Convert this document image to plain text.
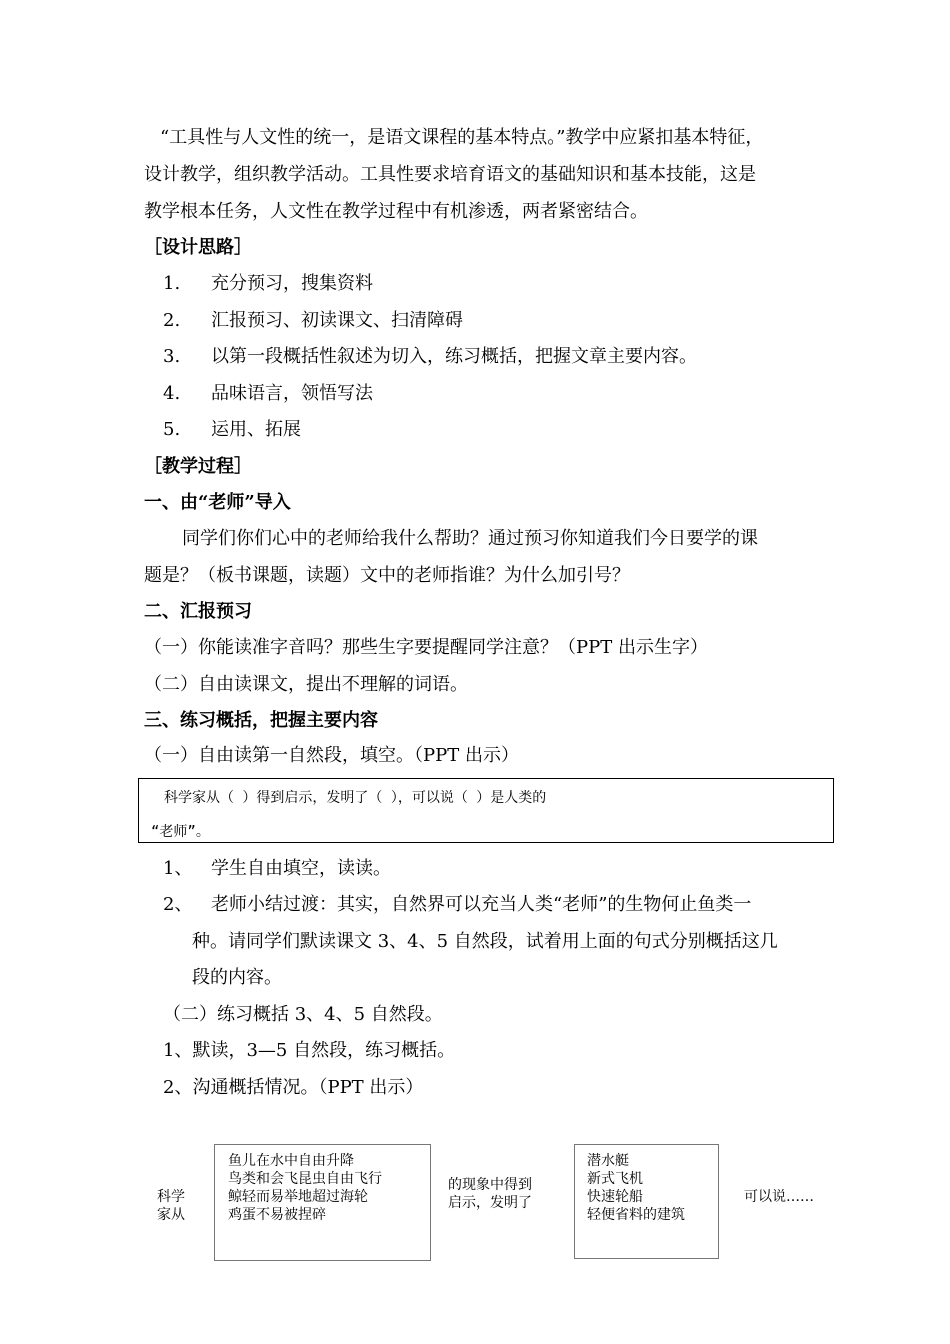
“工具性与人文性的统一，是语文课程的基本特点。”教学中应紧扣基本特征，
设计教学，组织教学活动。工具性要求培育语文的基础知识和基本技能，这是
教学根本任务，人文性在教学过程中有机渗透，两者紧密结合。
［设计思路］
1. 充分预习，搜集资料
2. 汇报预习、初读课文、扫清障碍
3. 以第一段概括性叙述为切入，练习概括，把握文章主要内容。
4. 品味语言，领悟写法
5. 运用、拓展
［教学过程］
一、由“老师”导入
同学们你们心中的老师给我什么帮助？通过预习你知道我们今日要学的课
题是？（板书课题，读题）文中的老师指谁？为什么加引号？
二、汇报预习
（一）你能读准字音吗？那些生字要提醒同学注意？（PPT 出示生字）
（二）自由读课文，提出不理解的词语。
三、练习概括，把握主要内容
（一）自由读第一自然段，填空。（PPT 出示）
科学家从（ ）得到启示，发明了（ ），可以说（ ）是人类的
“老师”。
1、 学生自由填空，读读。
2、 老师小结过渡：其实，自然界可以充当人类“老师”的生物何止鱼类一
种。请同学们默读课文 3、4、5 自然段，试着用上面的句式分别概括这几
段的内容。
（二）练习概括 3、4、5 自然段。
1、默读，3—5 自然段，练习概括。
2、沟通概括情况。（PPT 出示）
科学
家从
鱼儿在水中自由升降
鸟类和会飞昆虫自由飞行
鲸轻而易举地超过海轮
鸡蛋不易被捏碎
的现象中得到
启示，发明了
潜水艇
新式飞机
快速轮船
轻便省料的建筑
可以说……
